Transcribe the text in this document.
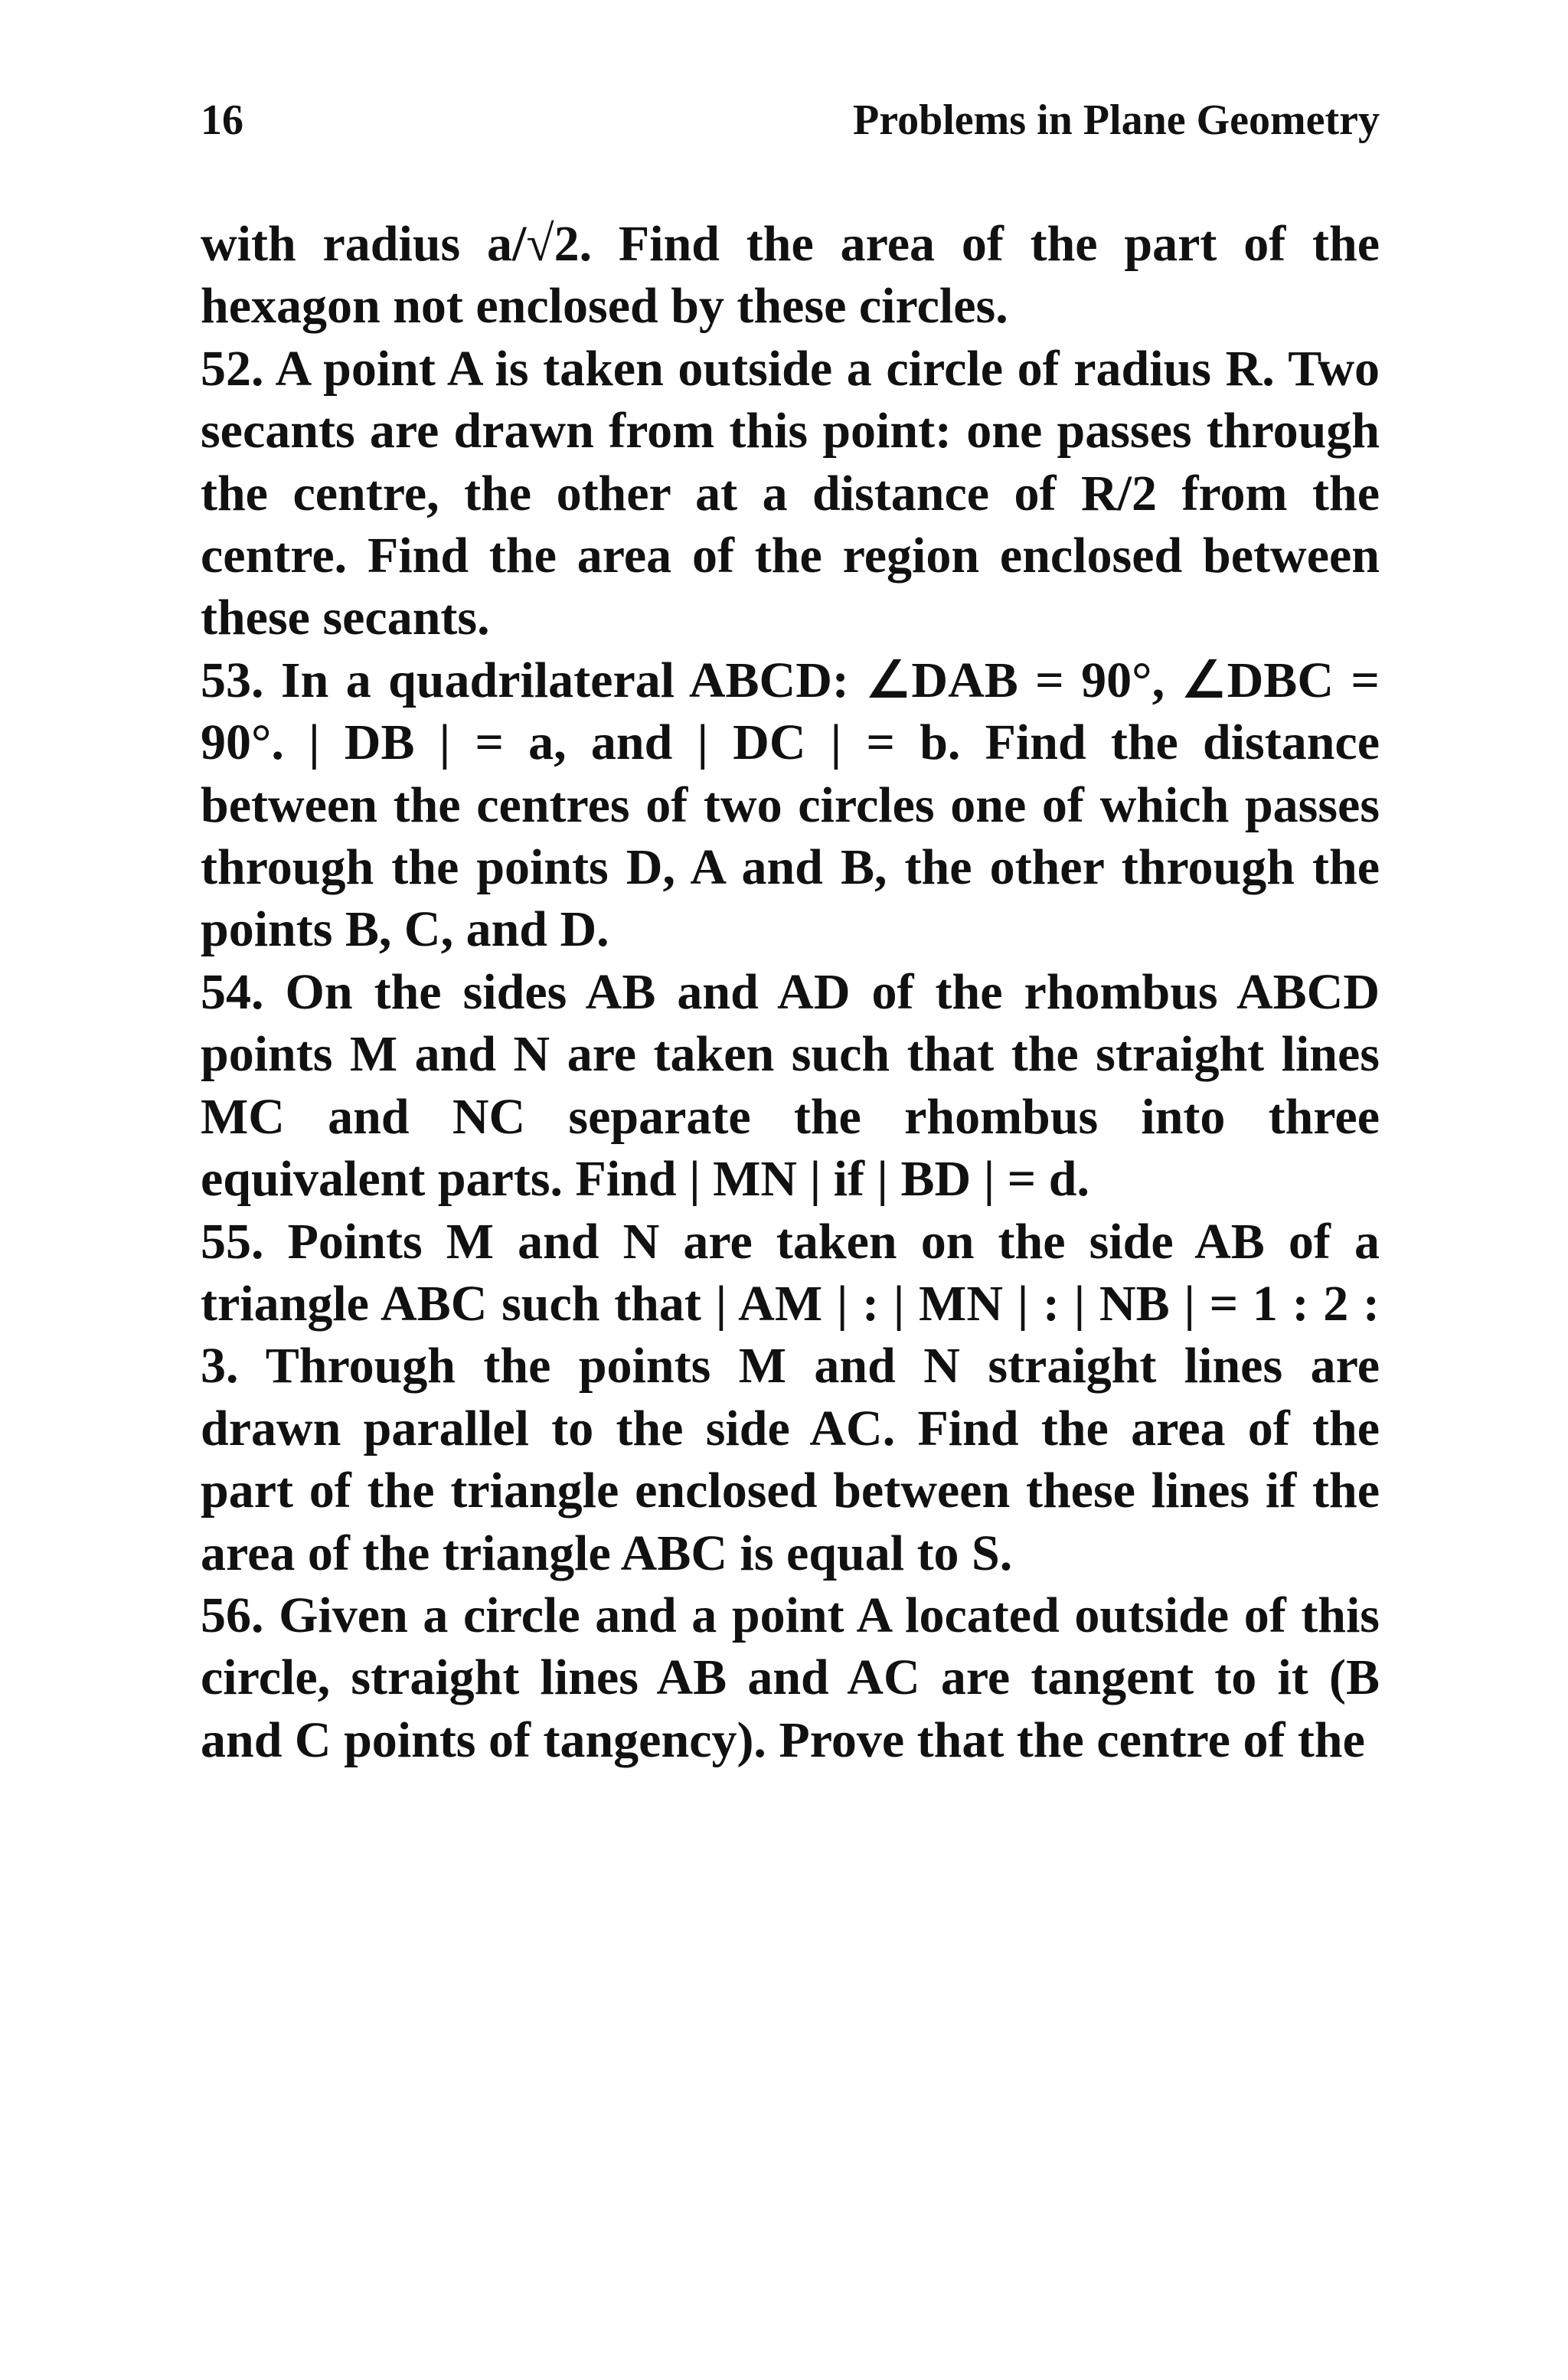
16	Problems in Plane Geometry

with radius a/√2. Find the area of the part of the hexagon not enclosed by these circles.

52. A point A is taken outside a circle of radius R. Two secants are drawn from this point: one passes through the centre, the other at a distance of R/2 from the centre. Find the area of the region enclosed between these secants.

53. In a quadrilateral ABCD: ∠DAB = 90°, ∠DBC = 90°. | DB | = a, and | DC | = b. Find the distance between the centres of two circles one of which passes through the points D, A and B, the other through the points B, C, and D.

54. On the sides AB and AD of the rhombus ABCD points M and N are taken such that the straight lines MC and NC separate the rhombus into three equivalent parts. Find | MN | if | BD | = d.

55. Points M and N are taken on the side AB of a triangle ABC such that | AM | : | MN | : | NB | = 1 : 2 : 3. Through the points M and N straight lines are drawn parallel to the side AC. Find the area of the part of the triangle enclosed between these lines if the area of the triangle ABC is equal to S.

56. Given a circle and a point A located outside of this circle, straight lines AB and AC are tangent to it (B and C points of tangency). Prove that the centre of the
